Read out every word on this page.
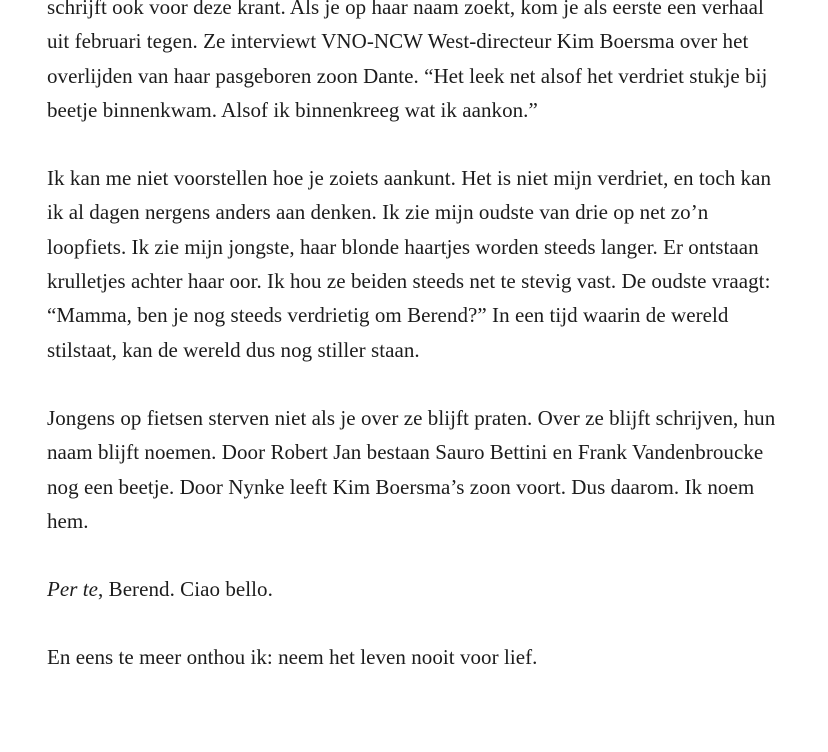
schrijft ook voor deze krant. Als je op haar naam zoekt, kom je als eerste een verhaal uit februari tegen. Ze interviewt VNO-NCW West-directeur Kim Boersma over het overlijden van haar pasgeboren zoon Dante. “Het leek net alsof het verdriet stukje bij beetje binnenkwam. Alsof ik binnenkreeg wat ik aankon.”

Ik kan me niet voorstellen hoe je zoiets aankunt. Het is niet mijn verdriet, en toch kan ik al dagen nergens anders aan denken. Ik zie mijn oudste van drie op net zo’n loopfiets. Ik zie mijn jongste, haar blonde haartjes worden steeds langer. Er ontstaan krulletjes achter haar oor. Ik hou ze beiden steeds net te stevig vast. De oudste vraagt: “Mamma, ben je nog steeds verdrietig om Berend?” In een tijd waarin de wereld stilstaat, kan de wereld dus nog stiller staan.

Jongens op fietsen sterven niet als je over ze blijft praten. Over ze blijft schrijven, hun naam blijft noemen. Door Robert Jan bestaan Sauro Bettini en Frank Vandenbroucke nog een beetje. Door Nynke leeft Kim Boersma’s zoon voort. Dus daarom. Ik noem hem.

Per te, Berend. Ciao bello.

En eens te meer onthou ik: neem het leven nooit voor lief.
